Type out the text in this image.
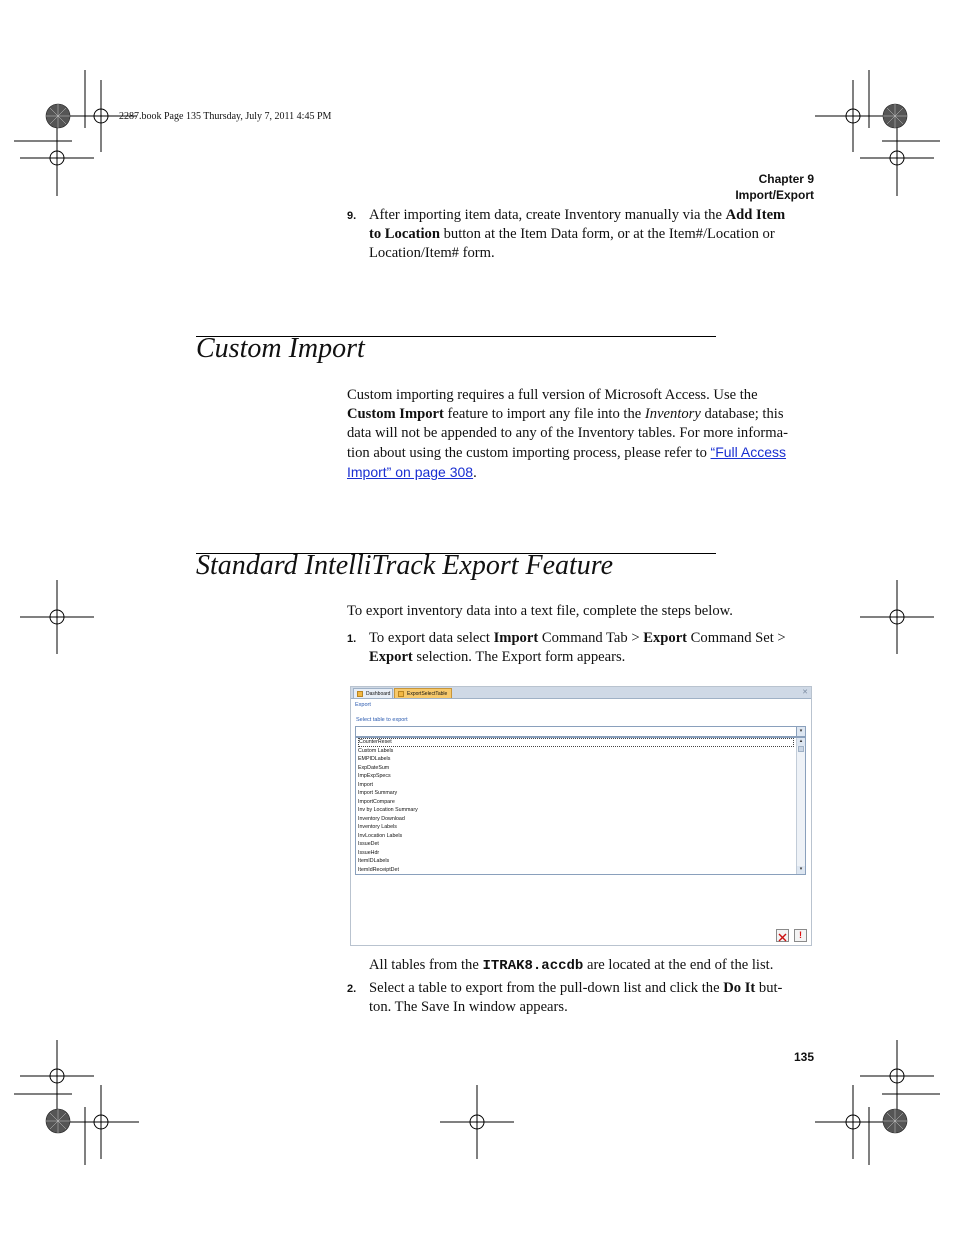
2287.book Page 135 Thursday, July 7, 2011 4:45 PM
Chapter 9
Import/Export
9. After importing item data, create Inventory manually via the Add Item
to Location button at the Item Data form, or at the Item#/Location or
Location/Item# form.
Custom Import
Custom importing requires a full version of Microsoft Access. Use the
Custom Import feature to import any file into the Inventory database; this
data will not be appended to any of the Inventory tables. For more informa-
tion about using the custom importing process, please refer to “Full Access
Import” on page 308.
Standard IntelliTrack Export Feature
To export inventory data into a text file, complete the steps below.
1. To export data select Import Command Tab > Export Command Set >
Export selection. The Export form appears.
Dashboard	ExportSelectTable	✕
Export
Select table to export
▾
CounterReset
Custom Labels
EMPIDLabels
ExpDateSum
ImpExpSpecs
Import
Import Summary
ImportCompare
Inv by Location Summary
Inventory Download
Inventory Labels
InvLocation Labels
IssueDet
IssueHdr
ItemIDLabels
ItemIdReceiptDet
▴
▾
!
All tables from the ITRAK8.accdb are located at the end of the list.
2. Select a table to export from the pull-down list and click the Do It but-
ton. The Save In window appears.
135
